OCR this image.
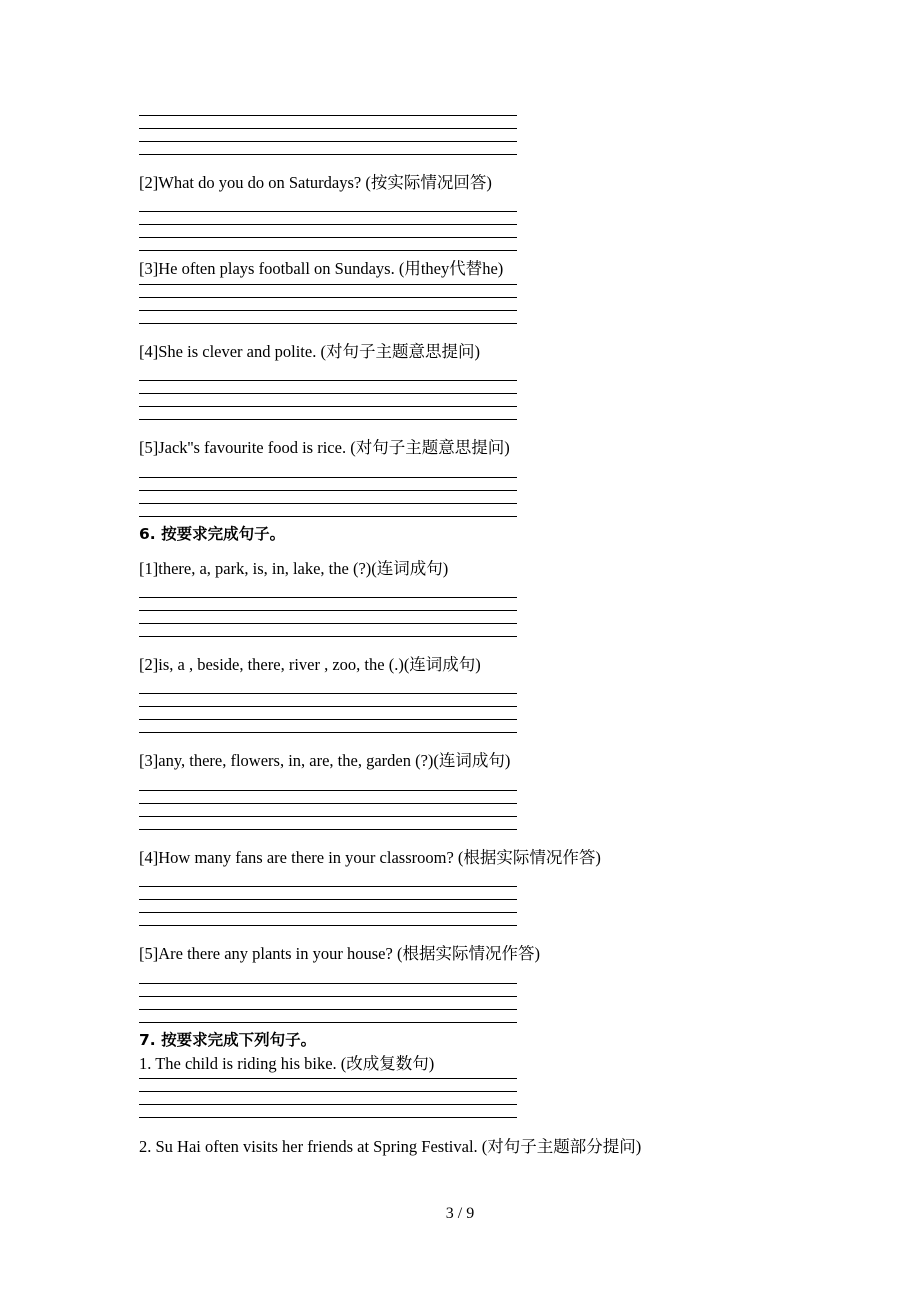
[2]What do you do on Saturdays? (按实际情况回答)
[3]He often plays football on Sundays. (用they代替he)
[4]She is clever and polite. (对句子主题意思提问)
[5]Jack''s favourite food is rice. (对句子主题意思提问)
6. 按要求完成句子。
[1]there, a, park, is, in, lake, the (?)(连词成句)
[2]is, a , beside, there, river , zoo, the (.)(连词成句)
[3]any, there, flowers, in, are, the, garden (?)(连词成句)
[4]How many fans are there in your classroom? (根据实际情况作答)
[5]Are there any plants in your house? (根据实际情况作答)
7. 按要求完成下列句子。
1. The child is riding his bike. (改成复数句)
2. Su Hai often visits her friends at Spring Festival. (对句子主题部分提问)
3 / 9
